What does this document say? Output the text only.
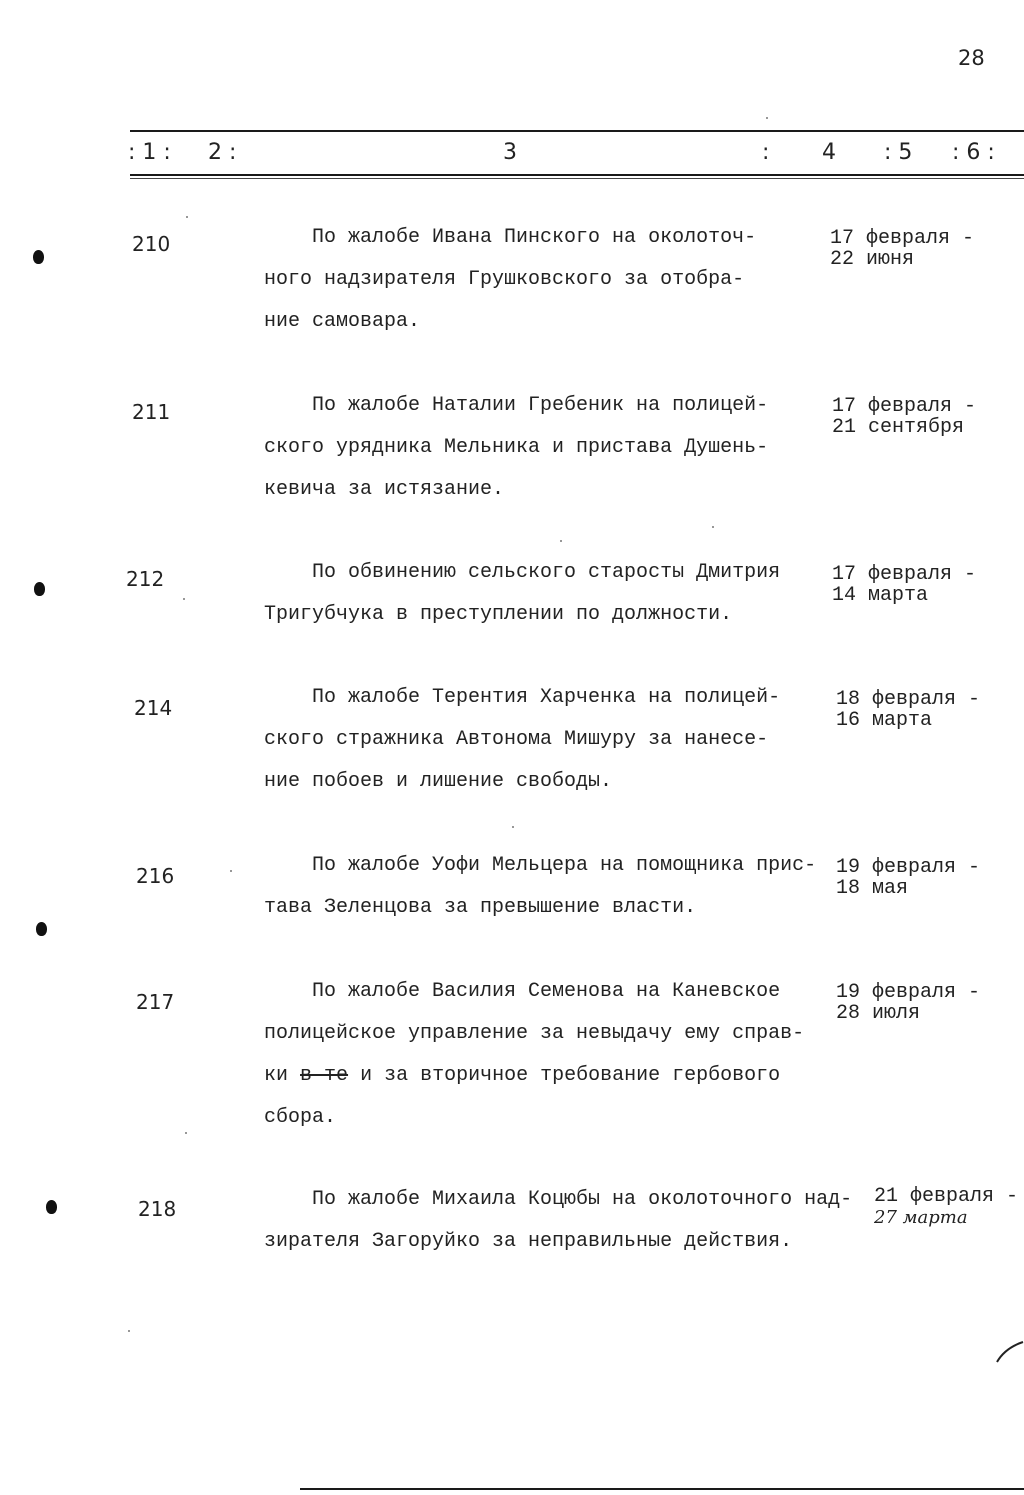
28
: 1 : 2 :	3	: 4 : 5 : 6 :
210	По жалобе Ивана Пинского на околоточ-
ного надзирателя Грушковского за отобра-
ние самовара.
17 февраля -
22 июня
211	По жалобе Наталии Гребеник на полицей-
ского урядника Мельника и пристава Душень-
кевича за истязание.
17 февраля -
21 сентября
212	По обвинению сельского старосты Дмитрия
Тригубчука в преступлении по должности.
17 февраля -
14 марта
214	По жалобе Терентия Харченка на полицей-
ского стражника Автонома Мишуру за нанесе-
ние побоев и лишение свободы.
18 февраля -
16 марта
216	По жалобе Уофи Мельцера на помощника прис-
тава Зеленцова за превышение власти.
19 февраля -
18 мая
217	По жалобе Василия Семенова на Каневское
полицейское управление за невыдачу ему справ-
ки в те и за вторичное требование гербового
сбора.
19 февраля -
28 июля
218	По жалобе Михаила Коцюбы на околоточного над-
зирателя Загоруйко за неправильные действия.
21 февраля -
27 марта
